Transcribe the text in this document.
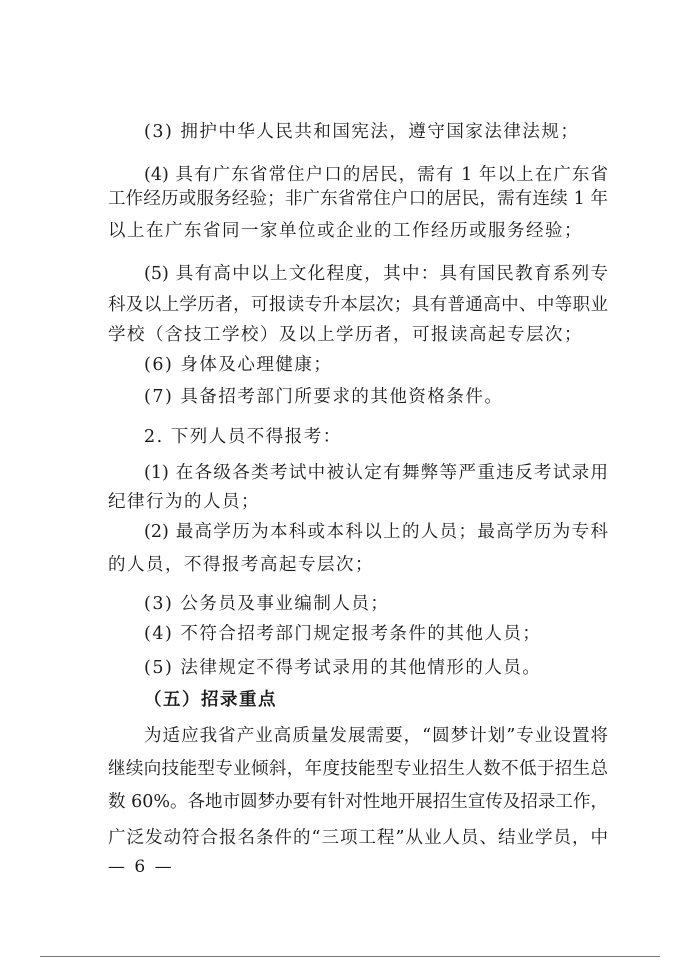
(3) 拥护中华人民共和国宪法，遵守国家法律法规；
(4) 具有广东省常住户口的居民，需有 1 年以上在广东省
工作经历或服务经验；非广东省常住户口的居民，需有连续 1 年
以上在广东省同一家单位或企业的工作经历或服务经验；
(5) 具有高中以上文化程度，其中：具有国民教育系列专
科及以上学历者，可报读专升本层次；具有普通高中、中等职业
学校（含技工学校）及以上学历者，可报读高起专层次；
(6) 身体及心理健康；
(7) 具备招考部门所要求的其他资格条件。
2. 下列人员不得报考：
(1) 在各级各类考试中被认定有舞弊等严重违反考试录用
纪律行为的人员；
(2) 最高学历为本科或本科以上的人员；最高学历为专科
的人员，不得报考高起专层次；
(3) 公务员及事业编制人员；
(4) 不符合招考部门规定报考条件的其他人员；
(5) 法律规定不得考试录用的其他情形的人员。
（五）招录重点
为适应我省产业高质量发展需要，“圆梦计划”专业设置将
继续向技能型专业倾斜，年度技能型专业招生人数不低于招生总
数 60%。各地市圆梦办要有针对性地开展招生宣传及招录工作，
广泛发动符合报名条件的“三项工程”从业人员、结业学员，中
— 6 —
